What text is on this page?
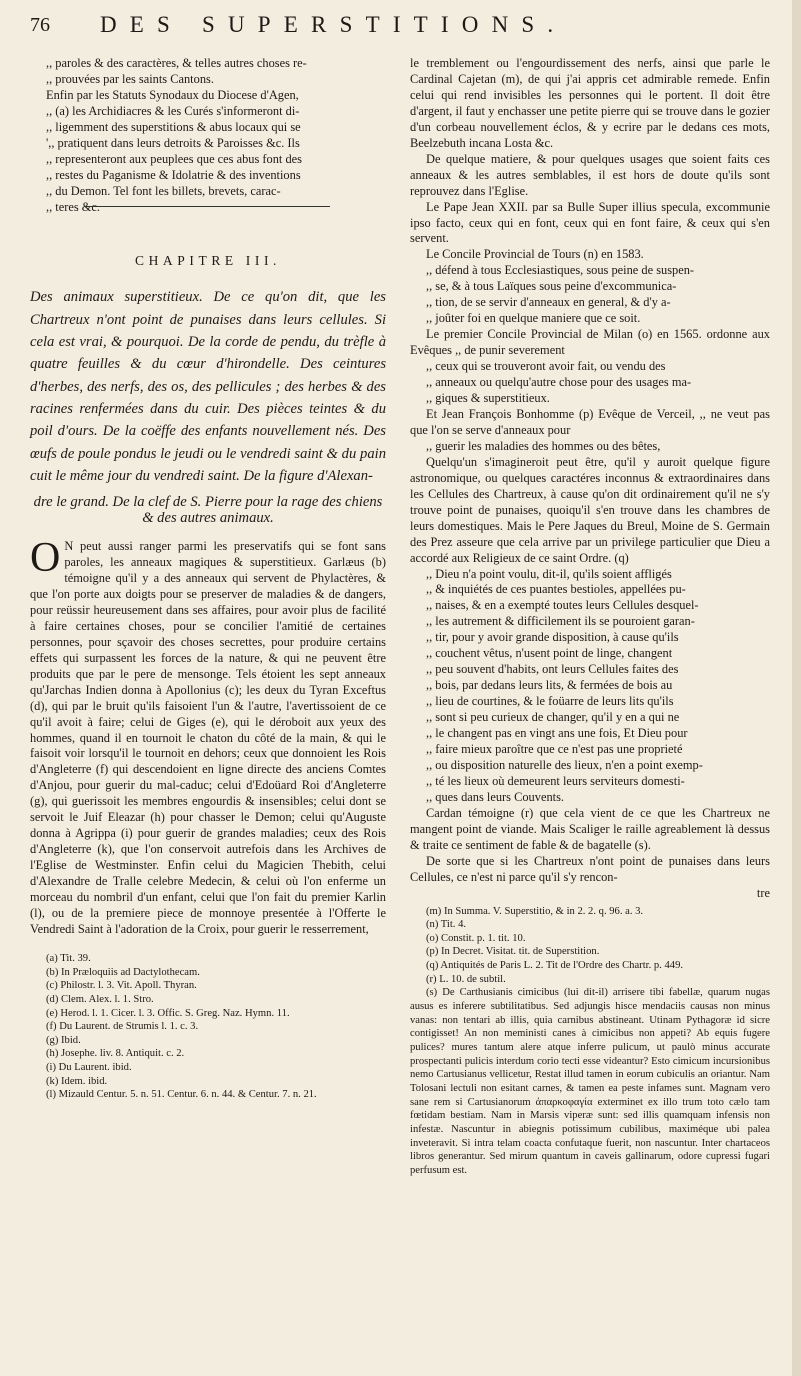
76 DES SUPERSTITIONS.

,, paroles & des caractères, & telles autres choses re-

,, prouvées par les saints Cantons.

Enfin par les Statuts Synodaux du Diocese d'Agen,

,, (a) les Archidiacres & les Curés s'informeront di-

,, ligemment des superstitions & abus locaux qui se

',, pratiquent dans leurs detroits & Paroisses &c. Ils

,, representeront aux peuplees que ces abus font des

,, restes du Paganisme & Idolatrie & des inventions

,, du Demon. Tel font les billets, brevets, carac-

,, teres &c.

CHAPITRE III.

Des animaux superstitieux. De ce qu'on dit, que les Chartreux n'ont point de punaises dans leurs cellules. Si cela est vrai, & pourquoi. De la corde de pendu, du trèfle à quatre feuilles & du cœur d'hirondelle. Des ceintures d'herbes, des nerfs, des os, des pellicules ; des herbes & des racines renfermées dans du cuir. Des pièces teintes & du poil d'ours. De la coëffe des enfants nouvellement nés. Des œufs de poule pondus le jeudi ou le vendredi saint & du pain cuit le même jour du vendredi saint. De la figure d'Alexan-

dre le grand. De la clef de S. Pierre pour la rage des chiens & des autres animaux.

O N peut aussi ranger parmi les preservatifs qui se font sans paroles, les anneaux magiques & superstitieux. Garlæus (b) témoigne qu'il y a des anneaux qui servent de Phylactères, & que l'on porte aux doigts pour se preserver de maladies & de dangers, pour reüssir heureusement dans ses affaires, pour avoir plus de facilité à faire certaines choses, pour se concilier l'amitié de certaines personnes, pour sçavoir des choses secrettes, pour produire certains effets qui surpassent les forces de la nature, & qui ne peuvent être produits que par le pere de mensonge. Tels étoient les sept anneaux qu'Jarchas Indien donna à Apollonius (c); les deux du Tyran Exceftus (d), qui par le bruit qu'ils faisoient l'un & l'autre, l'avertissoient de ce qu'il avoit à faire; celui de Giges (e), qui le déroboit aux yeux des hommes, quand il en tournoit le chaton du côté de la main, & qui le faisoit voir lorsqu'il le tournoit en dehors; ceux que donnoient les Rois d'Angleterre (f) qui descendoient en ligne directe des anciens Comtes d'Anjou, pour guerir du mal-caduc; celui d'Edoüard Roi d'Angleterre (g), qui guerissoit les membres engourdis & insensibles; celui dont se servoit le Juif Eleazar (h) pour chasser le Demon; celui qu'Auguste donna à Agrippa (i) pour guerir de grandes maladies; ceux des Rois d'Angleterre (k), que l'on conservoit autrefois dans les Archives de l'Eglise de Westminster. Enfin celui du Magicien Thebith, celui d'Alexandre de Tralle celebre Medecin, & celui où l'on enferme un morceau du nombril d'un enfant, celui que l'on fait du premier Karlin (l), ou de la premiere piece de monnoye presentée à l'Offerte le Vendredi Saint à l'adoration de la Croix, pour guerir le resserrement,

(a) Tit. 39.

(b) In Præloquiis ad Dactylothecam.

(c) Philostr. l. 3. Vit. Apoll. Thyran.

(d) Clem. Alex. l. 1. Stro.

(e) Herod. l. 1. Cicer. l. 3. Offic. S. Greg. Naz. Hymn. 11.

(f) Du Laurent. de Strumis l. 1. c. 3.

(g) Ibid.

(h) Josephe. liv. 8. Antiquit. c. 2.

(i) Du Laurent. ibid.

(k) Idem. ibid.

(l) Mizauld Centur. 5. n. 51. Centur. 6. n. 44. & Centur. 7. n. 21.

le tremblement ou l'engourdissement des nerfs, ainsi que parle le Cardinal Cajetan (m), de qui j'ai appris cet admirable remede. Enfin celui qui rend invisibles les personnes qui le portent. Il doit être d'argent, il faut y enchasser une petite pierre qui se trouve dans le gozier d'un corbeau nouvellement éclos, & y ecrire par le dedans ces mots, Beelzebuth incana Losta &c.

De quelque matiere, & pour quelques usages que soient faits ces anneaux & les autres semblables, il est hors de doute qu'ils sont reprouvez dans l'Eglise.

Le Pape Jean XXII. par sa Bulle Super illius specula, excommunie ipso facto, ceux qui en font, ceux qui en font faire, & ceux qui s'en servent.

Le Concile Provincial de Tours (n) en 1583.

,, défend à tous Ecclesiastiques, sous peine de suspen-

,, se, & à tous Laïques sous peine d'excommunica-

,, tion, de se servir d'anneaux en general, & d'y a-

,, joûter foi en quelque maniere que ce soit.

Le premier Concile Provincial de Milan (o) en 1565. ordonne aux Evêques ,, de punir severement

,, ceux qui se trouveront avoir fait, ou vendu des

,, anneaux ou quelqu'autre chose pour des usages ma-

,, giques & superstitieux.

Et Jean François Bonhomme (p) Evêque de Verceil, ,, ne veut pas que l'on se serve d'anneaux pour

,, guerir les maladies des hommes ou des bêtes,

Quelqu'un s'imagineroit peut être, qu'il y auroit quelque figure astronomique, ou quelques caractéres inconnus & extraordinaires dans les Cellules des Chartreux, à cause qu'on dit ordinairement qu'il ne s'y trouve point de punaises, quoiqu'il s'en trouve dans les chambres de leurs domestiques. Mais le Pere Jaques du Breul, Moine de S. Germain des Prez asseure que cela arrive par un privilege particulier que Dieu a accordé aux Religieux de ce saint Ordre. (q)

,, Dieu n'a point voulu, dit-il, qu'ils soient affligés

,, & inquiétés de ces puantes bestioles, appellées pu-

,, naises, & en a exempté toutes leurs Cellules desquel-

,, les autrement & difficilement ils se pouroient garan-

,, tir, pour y avoir grande disposition, à cause qu'ils

,, couchent vêtus, n'usent point de linge, changent

,, peu souvent d'habits, ont leurs Cellules faites des

,, bois, par dedans leurs lits, & fermées de bois au

,, lieu de courtines, & le foüarre de leurs lits qu'ils

,, sont si peu curieux de changer, qu'il y en a qui ne

,, le changent pas en vingt ans une fois, Et Dieu pour

,, faire mieux paroître que ce n'est pas une proprieté

,, ou disposition naturelle des lieux, n'en a point exemp-

,, té les lieux où demeurent leurs serviteurs domesti-

,, ques dans leurs Couvents.

Cardan témoigne (r) que cela vient de ce que les Chartreux ne mangent point de viande. Mais Scaliger le raille agreablement là dessus & traite ce sentiment de fable & de bagatelle (s).

De sorte que si les Chartreux n'ont point de punaises dans leurs Cellules, ce n'est ni parce qu'il s'y rencon-

tre

(m) In Summa. V. Superstitio, & in 2. 2. q. 96. a. 3.

(n) Tit. 4.

(o) Constit. p. 1. tit. 10.

(p) In Decret. Visitat. tit. de Superstition.

(q) Antiquités de Paris L. 2. Tit de l'Ordre des Chartr. p. 449.

(r) L. 10. de subtil.

(s) De Carthusianis cimicibus (lui dit-il) arrisere tibi fabellæ, quarum nugas ausus es inferere subtilitatibus. Sed adjungis hisce mendaciis causas non minus vanas: non tentari ab illis, quia carnibus abstineant. Utinam Pythagoræ id sicre contigisset! An non meministi canes à cimicibus non appeti? Ab equis fugere pulices? mures tantum alere atque inferre pulicum, ut paulò minus accurate prospectanti pulicis interdum corio tecti esse videantur? Esto cimicum incursionibus nemo Cartusianus vellicetur, Restat illud tamen in eorum cubiculis an oriantur. Nam Tolosani lectuli non esitant carnes, & tamen ea peste infames sunt. Magnam vero sane rem si Cartusianorum ἀπαρκοφαγία exterminet ex illo trum toto cælo tam fœtidam bestiam. Nam in Marsis viperæ sunt: sed illis quamquam infensis non infestæ. Nascuntur in abiegnis potissimum cubilibus, maximéque ubi palea inveteravit. Si intra telam coacta confutaque fuerit, non nascuntur. Inter chartaceos libros generantur. Sed mirum quantum in caveis gallinarum, odore cupressi fugari perfusum est.
